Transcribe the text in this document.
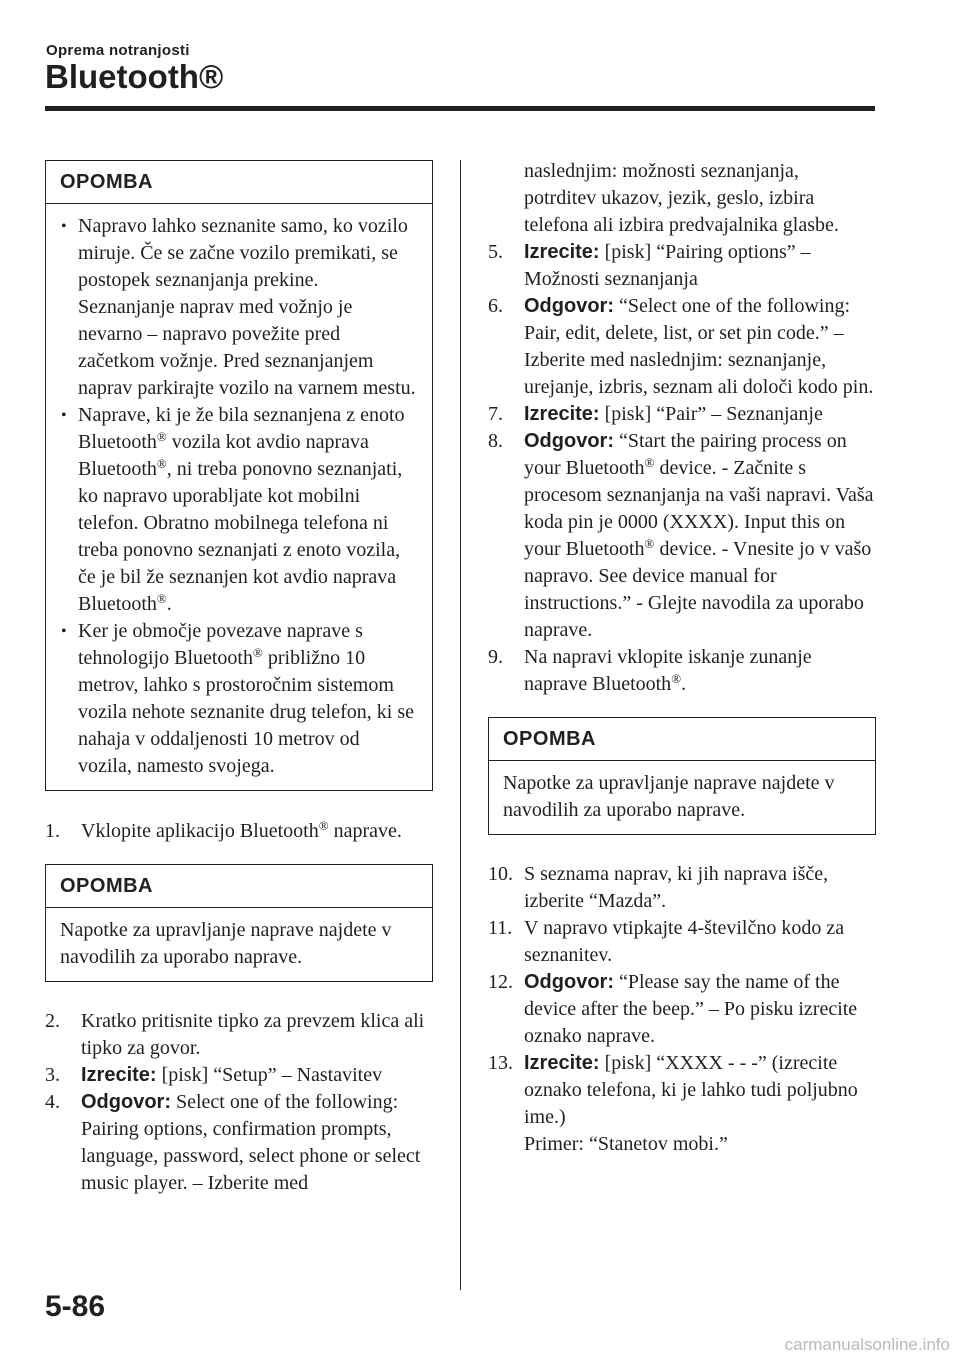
Oprema notranjosti
Bluetooth®
OPOMBA
• Napravo lahko seznanite samo, ko vozilo miruje. Če se začne vozilo premikati, se postopek seznanjanja prekine. Seznanjanje naprav med vožnjo je nevarno – napravo povežite pred začetkom vožnje. Pred seznanjanjem naprav parkirajte vozilo na varnem mestu.
• Naprave, ki je že bila seznanjena z enoto Bluetooth® vozila kot avdio naprava Bluetooth®, ni treba ponovno seznanjati, ko napravo uporabljate kot mobilni telefon. Obratno mobilnega telefona ni treba ponovno seznanjati z enoto vozila, če je bil že seznanjen kot avdio naprava Bluetooth®.
• Ker je območje povezave naprave s tehnologijo Bluetooth® približno 10 metrov, lahko s prostoročnim sistemom vozila nehote seznanite drug telefon, ki se nahaja v oddaljenosti 10 metrov od vozila, namesto svojega.
1. Vklopite aplikacijo Bluetooth® naprave.
OPOMBA
Napotke za upravljanje naprave najdete v navodilih za uporabo naprave.
2. Kratko pritisnite tipko za prevzem klica ali tipko za govor.
3. Izrecite: [pisk] “Setup” – Nastavitev
4. Odgovor: Select one of the following: Pairing options, confirmation prompts, language, password, select phone or select music player. – Izberite med
naslednjim: možnosti seznanjanja, potrditev ukazov, jezik, geslo, izbira telefona ali izbira predvajalnika glasbe.
5. Izrecite: [pisk] “Pairing options” – Možnosti seznanjanja
6. Odgovor: “Select one of the following: Pair, edit, delete, list, or set pin code.” – Izberite med naslednjim: seznanjanje, urejanje, izbris, seznam ali določi kodo pin.
7. Izrecite: [pisk] “Pair” – Seznanjanje
8. Odgovor: “Start the pairing process on your Bluetooth® device. - Začnite s procesom seznanjanja na vaši napravi. Vaša koda pin je 0000 (XXXX). Input this on your Bluetooth® device. - Vnesite jo v vašo napravo. See device manual for instructions.” - Glejte navodila za uporabo naprave.
9. Na napravi vklopite iskanje zunanje naprave Bluetooth®.
OPOMBA
Napotke za upravljanje naprave najdete v navodilih za uporabo naprave.
10. S seznama naprav, ki jih naprava išče, izberite “Mazda”.
11. V napravo vtipkajte 4-številčno kodo za seznanitev.
12. Odgovor: “Please say the name of the device after the beep.” – Po pisku izrecite oznako naprave.
13. Izrecite: [pisk] “XXXX - - -” (izrecite oznako telefona, ki je lahko tudi poljubno ime.)
Primer: “Stanetov mobi.”
5-86
carmanualsonline.info
